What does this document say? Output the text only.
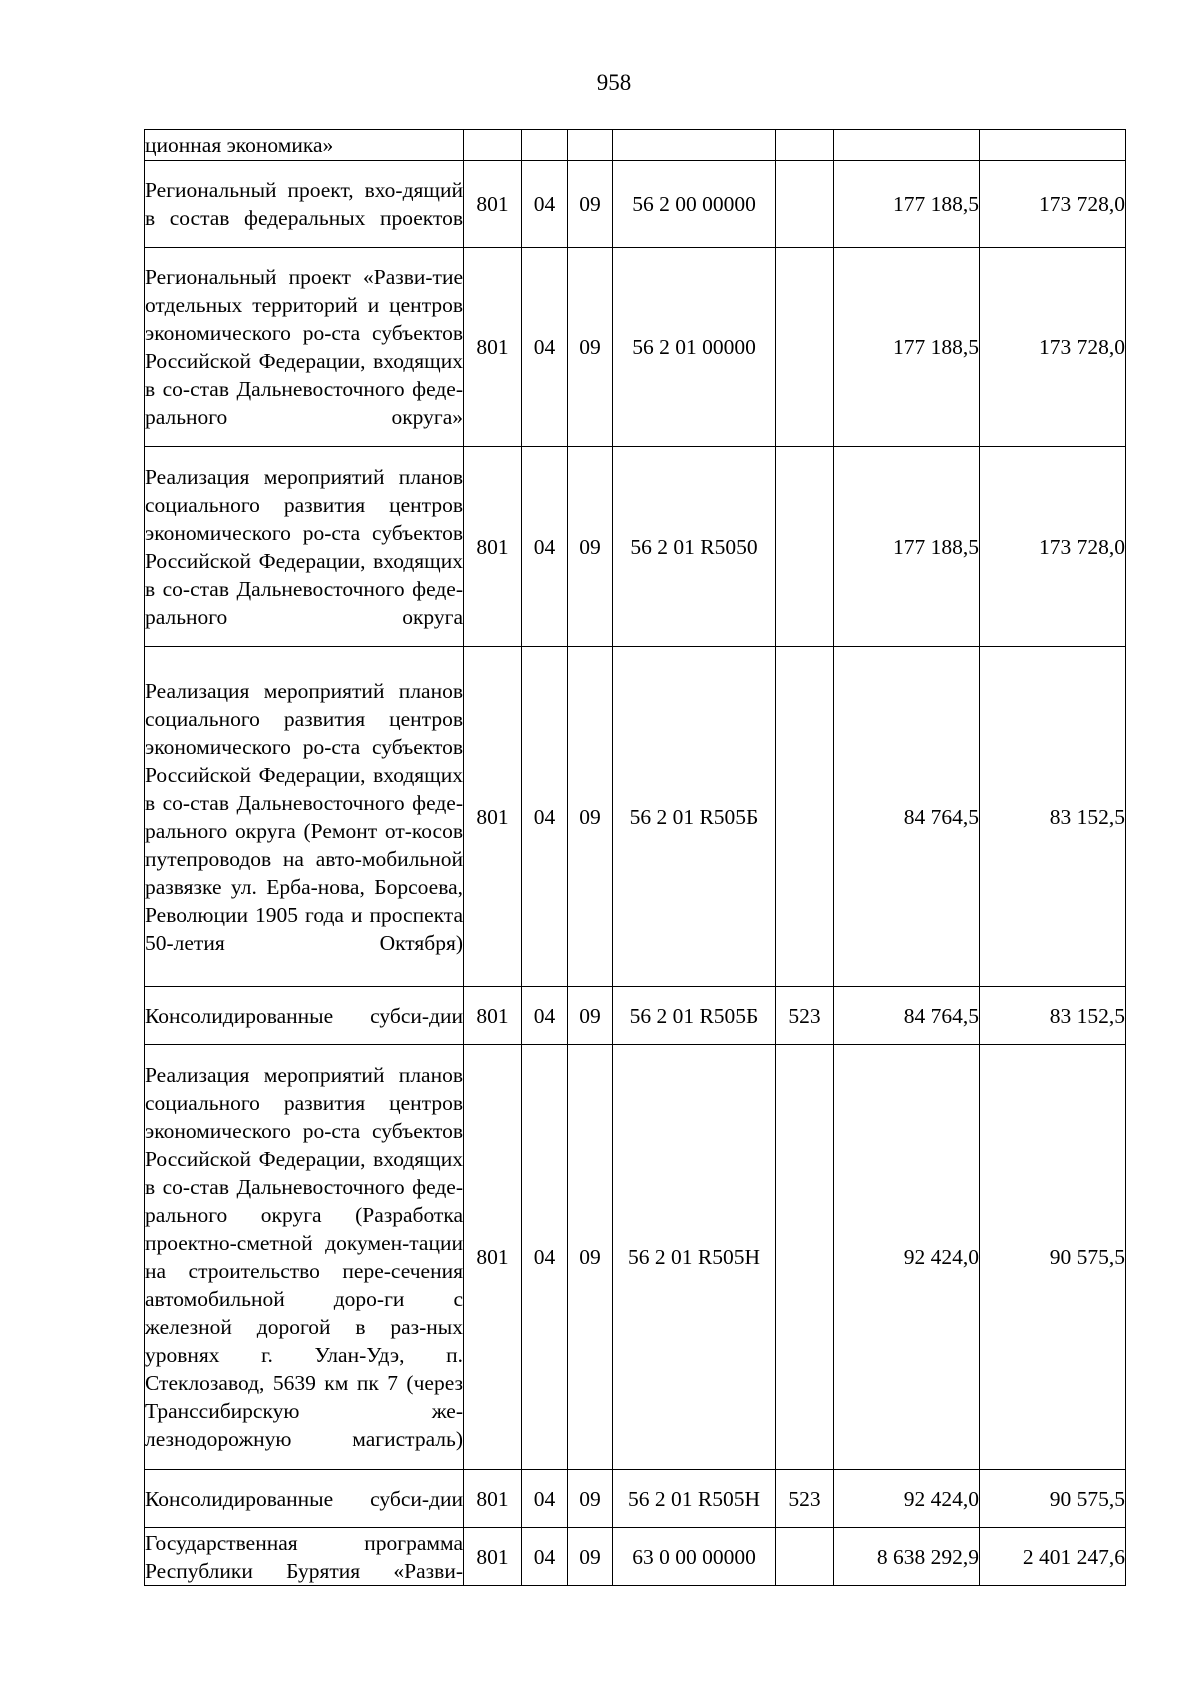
958
ционная экономика»							

Региональный проект, вхо-дящий в состав федеральных проектов	801	04	09	56 2 00 00000		177 188,5	173 728,0

Региональный проект «Разви-тие отдельных территорий и центров экономического ро-ста субъектов Российской Федерации, входящих в со-став Дальневосточного феде-рального округа»	801	04	09	56 2 01 00000		177 188,5	173 728,0

Реализация мероприятий планов социального развития центров экономического ро-ста субъектов Российской Федерации, входящих в со-став Дальневосточного феде-рального округа	801	04	09	56 2 01 R5050		177 188,5	173 728,0

Реализация мероприятий планов социального развития центров экономического ро-ста субъектов Российской Федерации, входящих в со-став Дальневосточного феде-рального округа (Ремонт от-косов путепроводов на авто-мобильной развязке ул. Ерба-нова, Борсоева, Революции 1905 года и проспекта 50-летия Октября)	801	04	09	56 2 01 R505Б		84 764,5	83 152,5

Консолидированные субси-дии	801	04	09	56 2 01 R505Б	523	84 764,5	83 152,5

Реализация мероприятий планов социального развития центров экономического ро-ста субъектов Российской Федерации, входящих в со-став Дальневосточного феде-рального округа (Разработка проектно-сметной докумен-тации на строительство пере-сечения автомобильной доро-ги с железной дорогой в раз-ных уровнях г. Улан-Удэ, п. Стеклозавод, 5639 км пк 7 (через Транссибирскую же-лезнодорожную магистраль)	801	04	09	56 2 01 R505Н		92 424,0	90 575,5

Консолидированные субси-дии	801	04	09	56 2 01 R505Н	523	92 424,0	90 575,5

Государственная программа Республики Бурятия «Разви-	801	04	09	63 0 00 00000		8 638 292,9	2 401 247,6
